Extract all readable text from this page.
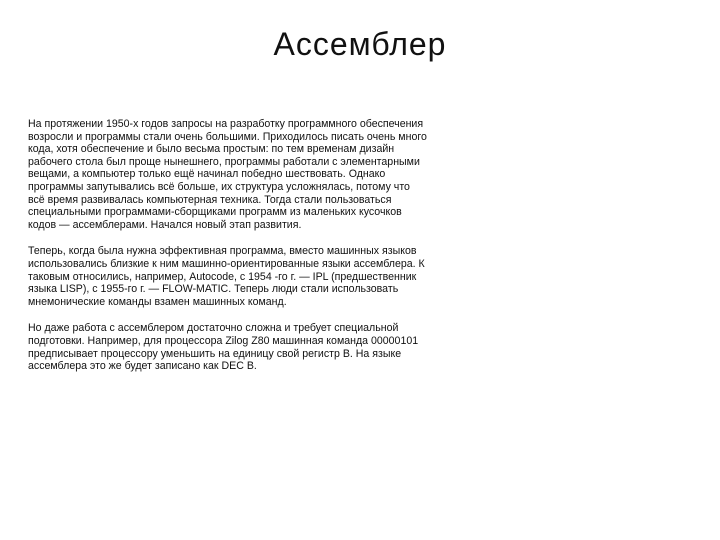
Ассемблер

На протяжении 1950-х годов запросы на разработку программного обеспечения возросли и программы стали очень большими. Приходилось писать очень много кода, хотя обеспечение и было весьма простым: по тем временам дизайн рабочего стола был проще нынешнего, программы работали с элементарными вещами, а компьютер только ещё начинал победно шествовать. Однако программы запутывались всё больше, их структура усложнялась, потому что всё время развивалась компьютерная техника. Тогда стали пользоваться специальными программами-сборщиками программ из маленьких кусочков кодов — ассемблерами. Начался новый этап развития.

Теперь, когда была нужна эффективная программа, вместо машинных языков использовались близкие к ним машинно-ориентированные языки ассемблера. К таковым относились, например, Autocode, с 1954 -го г. — IPL (предшественник языка LISP), с 1955-го г. — FLOW-MATIC. Теперь люди стали использовать мнемонические команды взамен машинных команд.

Но даже работа с ассемблером достаточно сложна и требует специальной подготовки. Например, для процессора Zilog Z80 машинная команда 00000101 предписывает процессору уменьшить на единицу свой регистр B. На языке ассемблера это же будет записано как DEC B.
